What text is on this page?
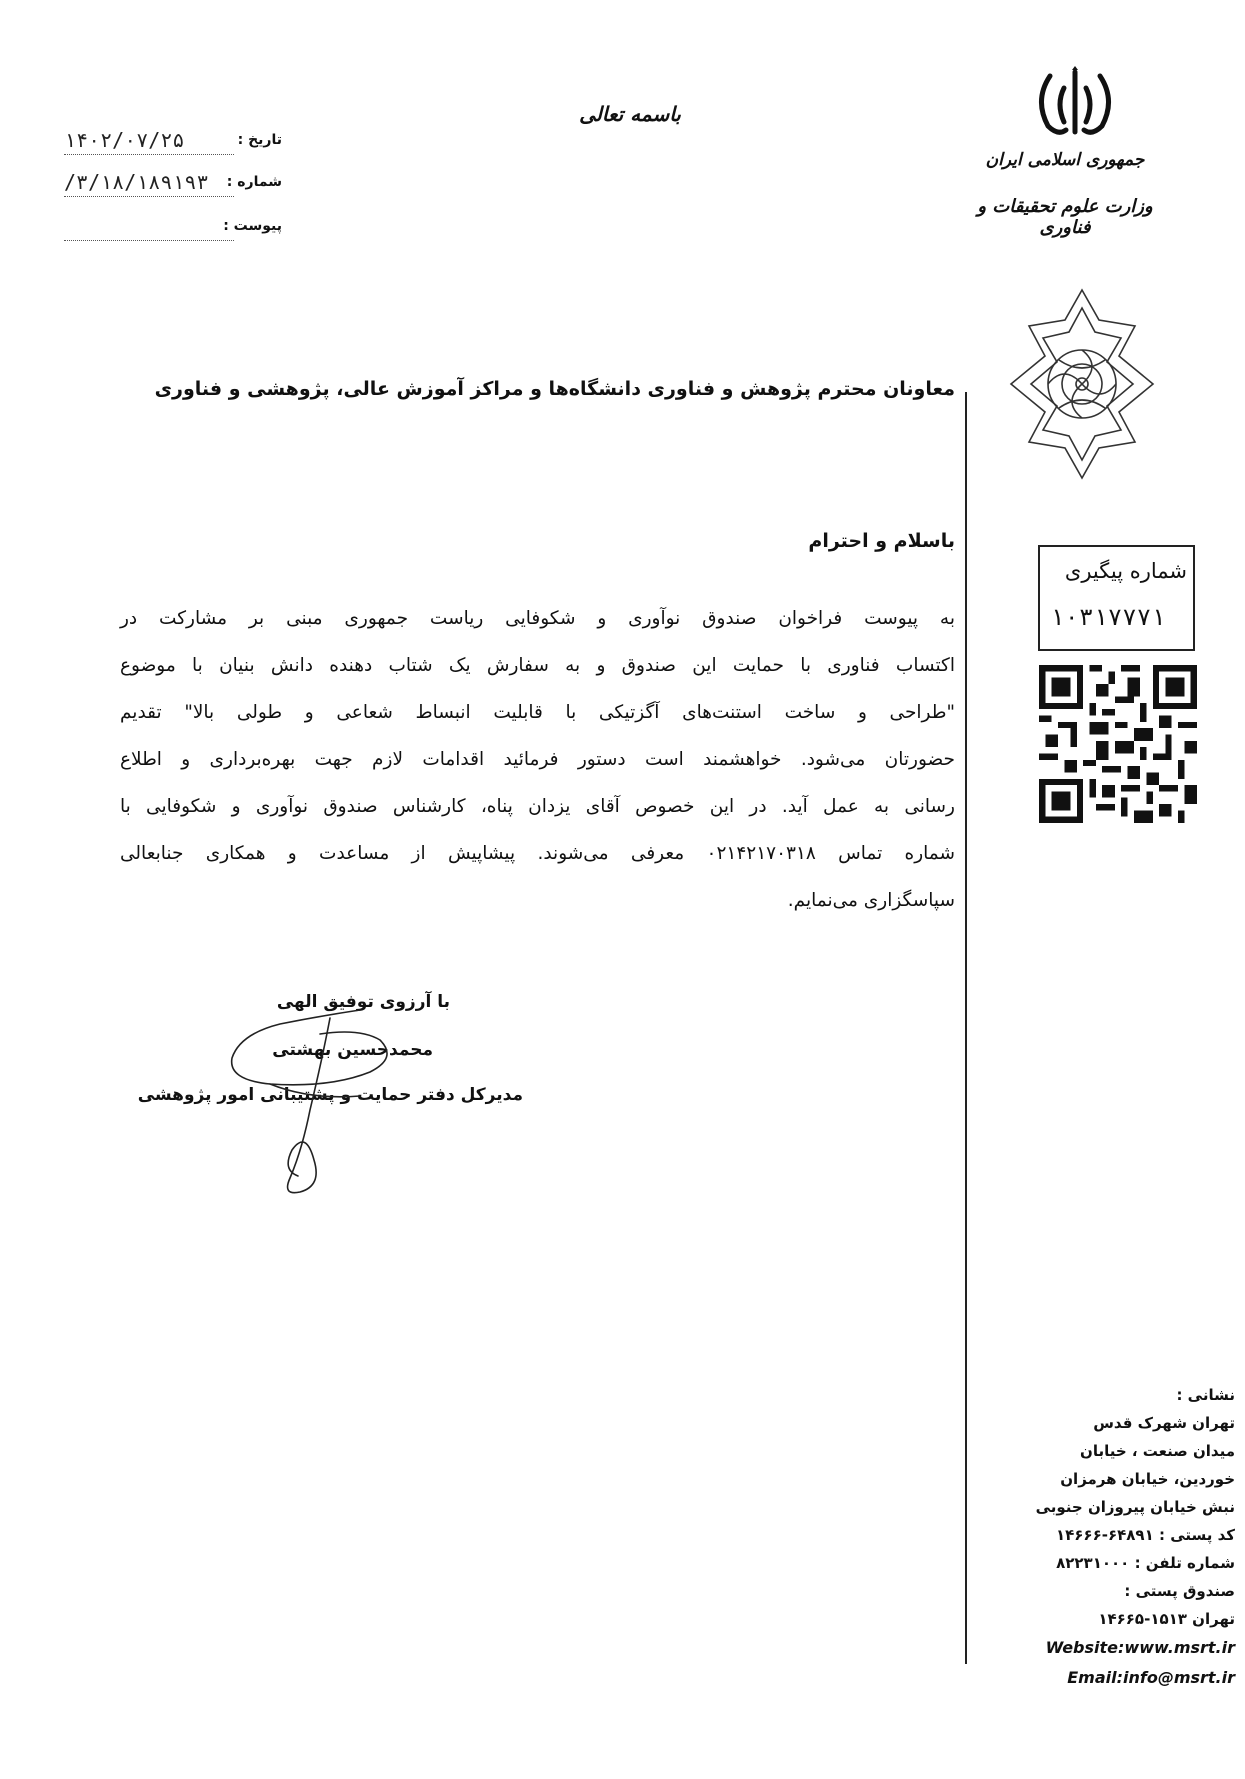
باسمه تعالی
تاریخ :
۱۴۰۲/۰۷/۲۵
شماره :
/۳/۱۸/۱۸۹۱۹۳
پیوست :
جمهوری اسلامی ایران
وزارت علوم تحقیقات و فناوری
معاونان محترم پژوهش و فناوری دانشگاه‌ها و مراکز آموزش عالی، پژوهشی و فناوری
باسلام و احترام
به پیوست فراخوان صندوق نوآوری و شکوفایی ریاست جمهوری مبنی بر مشارکت در
اکتساب فناوری با حمایت این صندوق و به سفارش یک شتاب دهنده دانش بنیان با موضوع
"طراحی و ساخت استنت‌های آگزتیکی با قابلیت انبساط شعاعی و طولی بالا" تقدیم
حضورتان می‌شود. خواهشمند است دستور فرمائید اقدامات لازم جهت بهره‌برداری و اطلاع
رسانی به عمل آید. در این خصوص آقای یزدان پناه، کارشناس صندوق نوآوری و شکوفایی با
شماره تماس ۰۲۱۴۲۱۷۰۳۱۸ معرفی می‌شوند. پیشاپیش از مساعدت و همکاری جنابعالی
سپاسگزاری می‌نمایم.
با آرزوی توفیق الهی
محمدحسین بهشتی
مدیرکل دفتر حمایت و پشتیبانی امور پژوهشی
شماره پیگیری
۱۰۳۱۷۷۷۱
نشانی :
تهران شهرک قدس
میدان صنعت ، خیابان
خوردین، خیابان هرمزان
نبش خیابان پیروزان جنوبی
کد پستی : ۶۴۸۹۱-۱۴۶۶۶
شماره تلفن : ۸۲۲۳۱۰۰۰
صندوق پستی :
تهران ۱۵۱۳-۱۴۶۶۵
Website:www.msrt.ir
Email:info@msrt.ir
